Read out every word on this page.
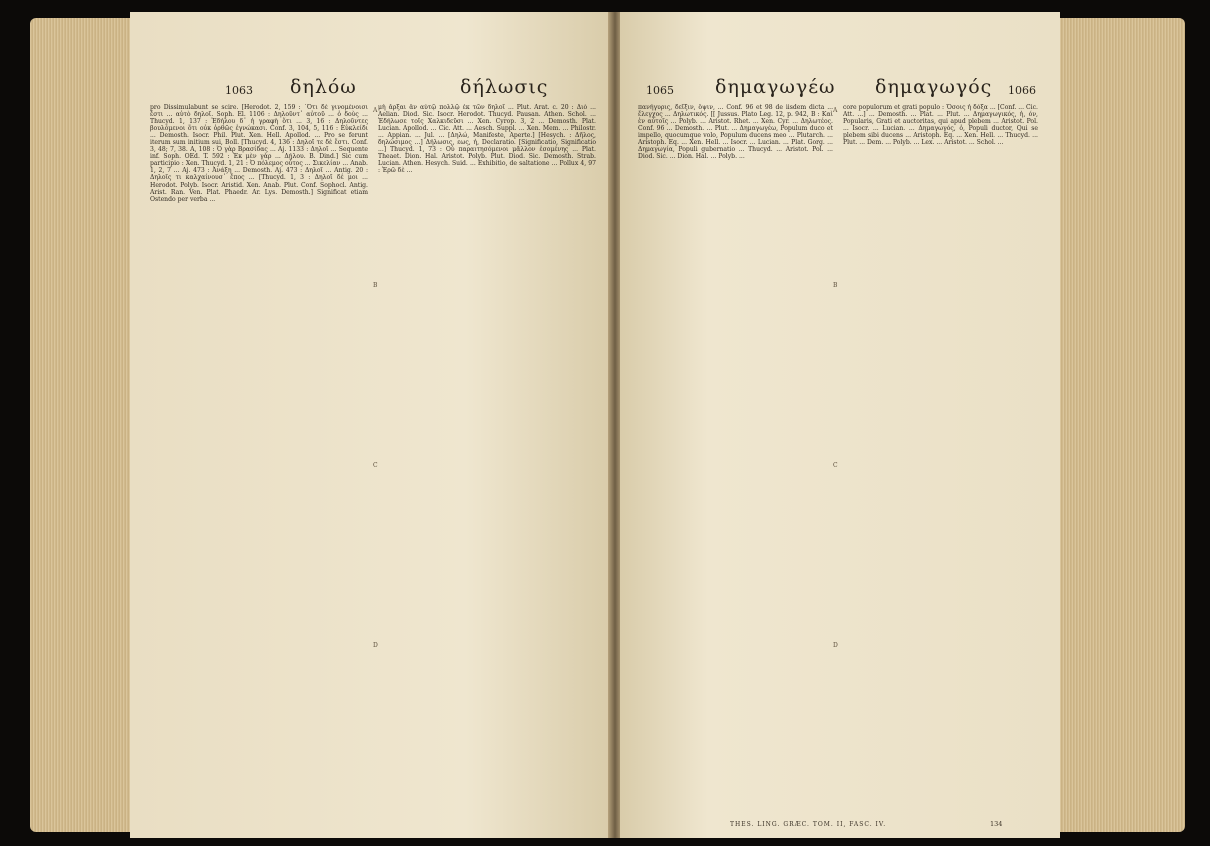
1063 δηλόω	δήλωσις
A
B
C
D
pro Dissimulabunt se scire. [Herodot. 2, 159 : ᾿Ότι δὲ γινομένοισι ἔστι ... αὐτὸ δηλοῖ. Soph. El. 1106 : Δηλοῦντ᾿ αὐτοῦ ... ὁ δοὺς ... Thucyd. 1, 137 : Ἐδήλου δ᾿ ἡ γραφὴ ὅτι ... 3, 16 : Δηλοῦντες βουλόμενοι ὅτι οὐκ ὀρθῶς ἐγνώκασι. Conf. 3, 104, 5, 116 : Εὐκλείδι ... Demosth. Isocr. Phil. Plut. Xen. Hell. Apollod. ... Pro se ferunt iterum sum initium sui, Boll. [Thucyd. 4, 136 : Δηλοῖ τε δὲ ἔστι. Conf. 3, 48; 7, 38. A, 108 : Ὁ γὰρ Βρασίδας ... Aj. 1133 : Δηλοῖ ... Sequente inf. Soph. OEd. T. 592 : Ἐκ μὲν γὰρ ... Δήλου. B. Dind.] Sic cum participio : Xen. Thucyd. 1, 21 : Ὁ πόλεμος οὗτος ... Σικελίαν ... Anab. 1, 2, 7 ... Aj. 473 : Ἀνάξη ... Demosth. Aj. 473 : Δηλοῖ ... Antig. 20 : Δηλοῖς τι καλχαίνουσ᾿ ἔπος ... [Thucyd. 1, 3 : Δηλοῖ δέ μοι ... Herodot. Polyb. Isocr. Aristid. Xen. Anab. Plut. Conf. Sophocl. Antig. Arist. Ran. Ven. Plat. Phaedr. Ar. Lys. Demosth.] Significat etiam Ostendo per verba ...
μὴ ἄρξαι ἄν αὐτῷ πολλῷ ἐκ τῶν δηλοῖ ... Plut. Arat. c. 20 : Διὸ ... Aelian. Diod. Sic. Isocr. Herodot. Thucyd. Pausan. Athen. Schol. ... Ἐδήλωσε τοῖς Χαλκιδεῦσι ... Xen. Cyrop. 3, 2 ... Demosth. Plat. Lucian. Apollod. ... Cic. Att. ... Aesch. Suppl. ... Xen. Mem. ... Philostr. ... Appian. ... Jul. ... [Δηλώ, Manifeste, Aperte.] [Hesych. : Δῆλος, δηλώσιμος ...] Δήλωσις, εως, ἡ, Declaratio. [Significatio, Significatio ...] Thucyd. 1, 73 : Οὐ παραιτησόμενοι μᾶλλον ἐσομένης ... Plat. Theaet. Dion. Hal. Aristot. Polyb. Plut. Diod. Sic. Demosth. Strab. Lucian. Athen. Hesych. Suid. ... Exhibitio, de saltatione ... Pollux 4, 97 : Ἐρῶ δὲ ...
1065 δημαγωγέω δημαγωγός 1066
A
B
C
D
πανήγυρις, δεῖξιν, ὅψιν, ... Conf. 96 et 98 de iisdem dicta ... ἔλεγχος ... Δηλωτικός. [[ Jussus. Plato Leg. 12, p. 942, B : Καὶ ἐν αὐτοῖς ... Polyb. ... Aristot. Rhet. ... Xen. Cyr. ... Δηλωτέος. Conf. 96 ... Demosth. ... Plut. ... Δημαγωγέω, Populum duco et impello, quocumque volo, Populum ducens meo ... Plutarch. ... Aristoph. Eq. ... Xen. Hell. ... Isocr. ... Lucian. ... Plat. Gorg. ... Δημαγωγία, Populi gubernatio ... Thucyd. ... Aristot. Pol. ... Diod. Sic. ... Dion. Hal. ... Polyb. ...
core populorum et grati populo : Ὅσοις ἡ δόξα ... [Conf. ... Cic. Att. ...] ... Demosth. ... Plat. ... Plut. ... Δημαγωγικός, ἡ, όν, Popularis, Grati et auctoritas, qui apud plebem ... Aristot. Pol. ... Isocr. ... Lucian. ... Δημαγωγός, ὁ, Populi ductor, Qui se plebem sibi ducens ... Aristoph. Eq. ... Xen. Hell. ... Thucyd. ... Plut. ... Dem. ... Polyb. ... Lex. ... Aristot. ... Schol. ...
THES. LING. GRÆC. TOM. II, FASC. IV.	134
